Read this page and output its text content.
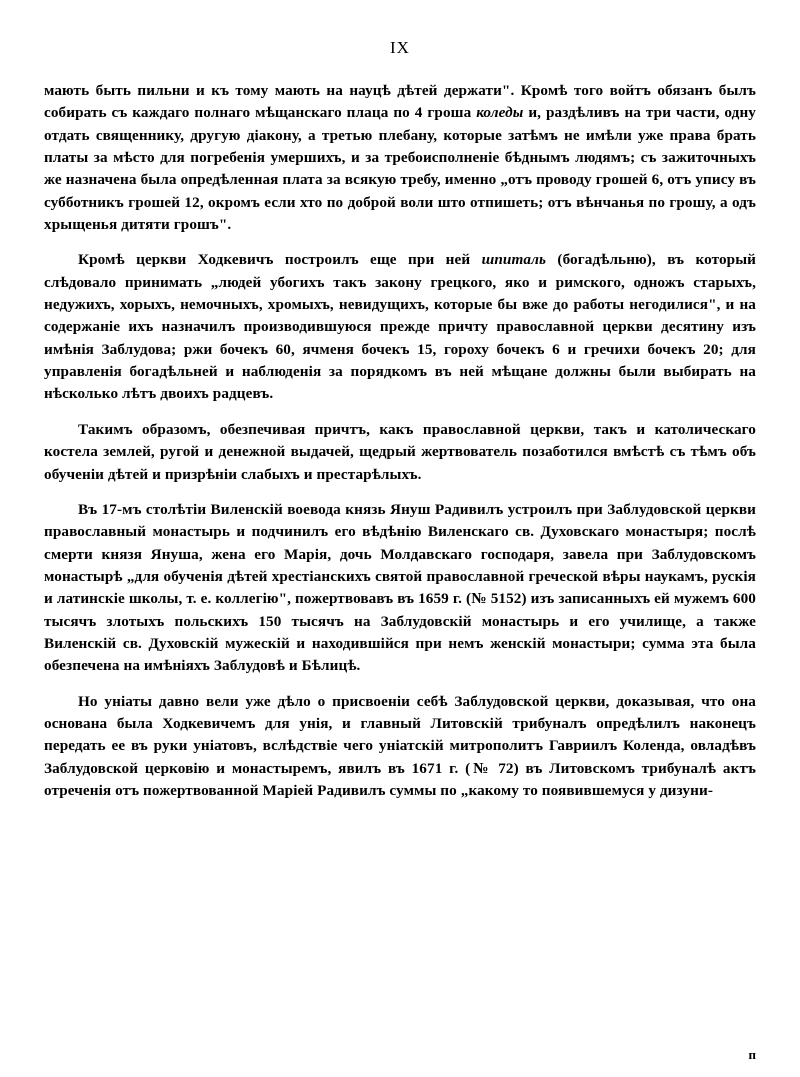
IX

мають быть пильни и къ тому мають на науцѣ дѣтей держати". Кромѣ того войтъ обязанъ былъ собирать съ каждаго полнаго мѣщанскаго плаца по 4 гроша коледы и, раздѣливъ на три части, одну отдать священнику, другую діакону, а третью плебану, которые затѣмъ не имѣли уже права брать платы за мѣсто для погребенія умершихъ, и за требоисполненіе бѣднымъ людямъ; съ зажиточныхъ же назначена была опредѣленная плата за всякую требу, именно „отъ проводу грошей 6, отъ упису въ субботникъ грошей 12, окромъ если хто по доброй воли што отпишеть; отъ вѣнчанья по грошу, а одъ хрыщенья дитяти грошъ".

Кромѣ церкви Ходкевичъ построилъ еще при ней шпиталь (богадѣльню), въ который слѣдовало принимать „людей убогихъ такъ закону грецкого, яко и римского, одножъ старыхъ, недужихъ, хорыхъ, немочныхъ, хромыхъ, невидущихъ, которые бы вже до работы негодилися", и на содержаніе ихъ назначилъ производившуюся прежде причту православной церкви десятину изъ имѣнія Заблудова; ржи бочекъ 60, ячменя бочекъ 15, гороху бочекъ 6 и гречихи бочекъ 20; для управленія богадѣльней и наблюденія за порядкомъ въ ней мѣщане должны были выбирать на нѣсколько лѣтъ двоихъ радцевъ.

Такимъ образомъ, обезпечивая причтъ, какъ православной церкви, такъ и католическаго костела землей, ругой и денежной выдачей, щедрый жертвователь позаботился вмѣстѣ съ тѣмъ объ обученіи дѣтей и призрѣніи слабыхъ и престарѣлыхъ.

Въ 17-мъ столѣтіи Виленскій воевода князь Януш Радивилъ устроилъ при Заблудовской церкви православный монастырь и подчинилъ его вѣдѣнію Виленскаго св. Духовскаго монастыря; послѣ смерти князя Януша, жена его Марія, дочь Молдавскаго господаря, завела при Заблудовскомъ монастырѣ „для обученія дѣтей хрестіанскихъ святой православной греческой вѣры наукамъ, рускія и латинскіе школы, т. е. коллегію", пожертвовавъ въ 1659 г. (№ 5152) изъ записанныхъ ей мужемъ 600 тысячъ злотыхъ польскихъ 150 тысячъ на Заблудовскій монастырь и его училище, а также Виленскій св. Духовскій мужескій и находившійся при немъ женскій монастыри; сумма эта была обезпечена на имѣніяхъ Заблудовѣ и Бѣлицѣ.

Но уніаты давно вели уже дѣло о присвоеніи себѣ Заблудовской церкви, доказывая, что она основана была Ходкевичемъ для унія, и главный Литовскій трибуналъ опредѣлилъ наконецъ передать ее въ руки уніатовъ, вслѣдствіе чего уніатскій митрополитъ Гавриилъ Коленда, овладѣвъ Заблудовской церковію и монастыремъ, явилъ въ 1671 г. (№ 72) въ Литовскомъ трибуналѣ актъ отреченія отъ пожертвованной Маріей Радивилъ суммы по „какому то появившемуся у дизуни-

п
